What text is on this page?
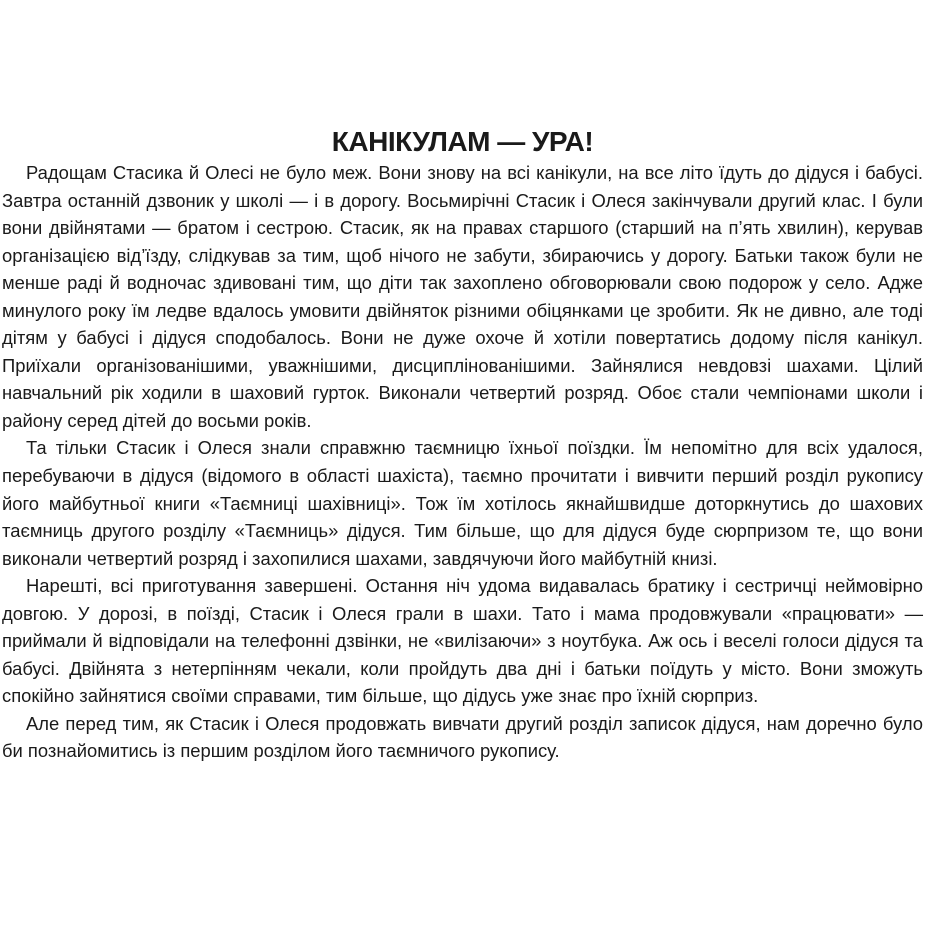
КАНІКУЛАМ — УРА!

Радощам Стасика й Олесі не було меж. Вони знову на всі канікули, на все літо їдуть до дідуся і бабусі. Завтра останній дзвоник у школі — і в дорогу. Восьмирічні Стасик і Олеся закінчували другий клас. І були вони двійнятами — братом і сестрою. Стасик, як на правах старшого (старший на п’ять хвилин), керував організацією від’їзду, слідкував за тим, щоб нічого не забути, збираючись у дорогу. Батьки також були не менше раді й водночас здивовані тим, що діти так захоплено обговорювали свою подорож у село. Адже минулого року їм ледве вдалось умовити двійняток різними обіцянками це зробити. Як не дивно, але тоді дітям у бабусі і дідуся сподобалось. Вони не дуже охоче й хотіли повертатись додому після канікул. Приїхали організованішими, уважнішими, дисциплінованішими. Зайнялися невдовзі шахами. Цілий навчальний рік ходили в шаховий гурток. Виконали четвертий розряд. Обоє стали чемпіонами школи і району серед дітей до восьми років.

Та тільки Стасик і Олеся знали справжню таємницю їхньої поїздки. Їм непомітно для всіх удалося, перебуваючи в дідуся (відомого в області шахіста), таємно прочитати і вивчити перший розділ рукопису його майбутньої книги «Таємниці шахівниці». Тож їм хотілось якнайшвидше доторкнутись до шахових таємниць другого розділу «Таємниць» дідуся. Тим більше, що для дідуся буде сюрпризом те, що вони виконали четвертий розряд і захопилися шахами, завдячуючи його майбутній книзі.

Нарешті, всі приготування завершені. Остання ніч удома видавалась братику і сестричці неймовірно довгою. У дорозі, в поїзді, Стасик і Олеся грали в шахи. Тато і мама продовжували «працювати» — приймали й відповідали на телефонні дзвінки, не «вилізаючи» з ноутбука. Аж ось і веселі голоси дідуся та бабусі. Двійнята з нетерпінням чекали, коли пройдуть два дні і батьки поїдуть у місто. Вони зможуть спокійно зайнятися своїми справами, тим більше, що дідусь уже знає про їхній сюрприз.

Але перед тим, як Стасик і Олеся продовжать вивчати другий розділ записок дідуся, нам доречно було би познайомитись із першим розділом його таємничого рукопису.
